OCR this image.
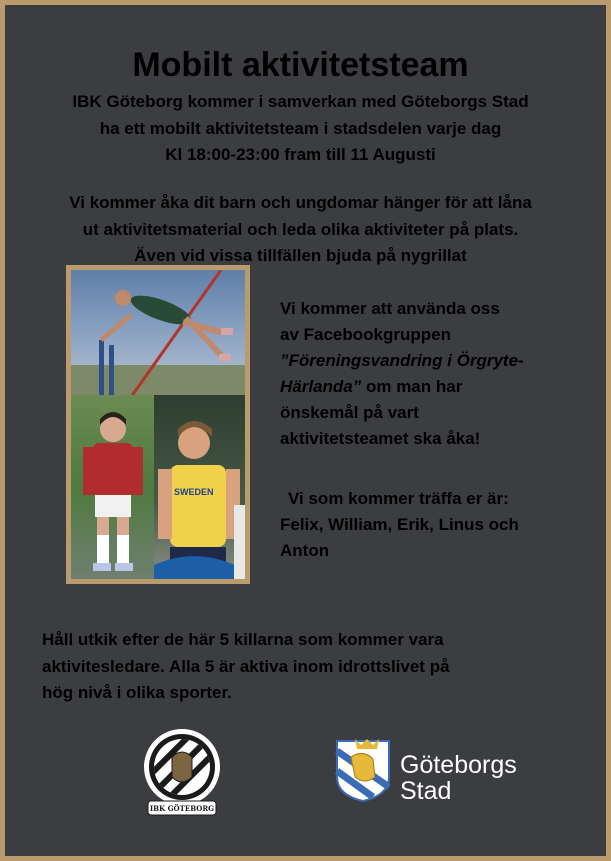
Mobilt aktivitetsteam
IBK Göteborg kommer i samverkan med Göteborgs Stad
ha ett mobilt aktivitetsteam i stadsdelen varje dag
Kl 18:00-23:00 fram till 11 Augusti
Vi kommer åka dit barn och ungdomar hänger för att låna
ut aktivitetsmaterial och leda olika aktiviteter på plats.
Även vid vissa tillfällen bjuda på nygrillat
SWEDEN
Vi kommer att använda oss
av Facebookgruppen
”Föreningsvandring i Örgryte-
Härlanda” om man har
önskemål på vart
aktivitetsteamet ska åka!
Vi som kommer träffa er är:
Felix, William, Erik, Linus och
Anton
Håll utkik efter de här 5 killarna som kommer vara
aktivitesledare. Alla 5 är aktiva inom idrottslivet på
hög nivå i olika sporter.
IBK GÖTEBORG
Göteborgs
Stad
